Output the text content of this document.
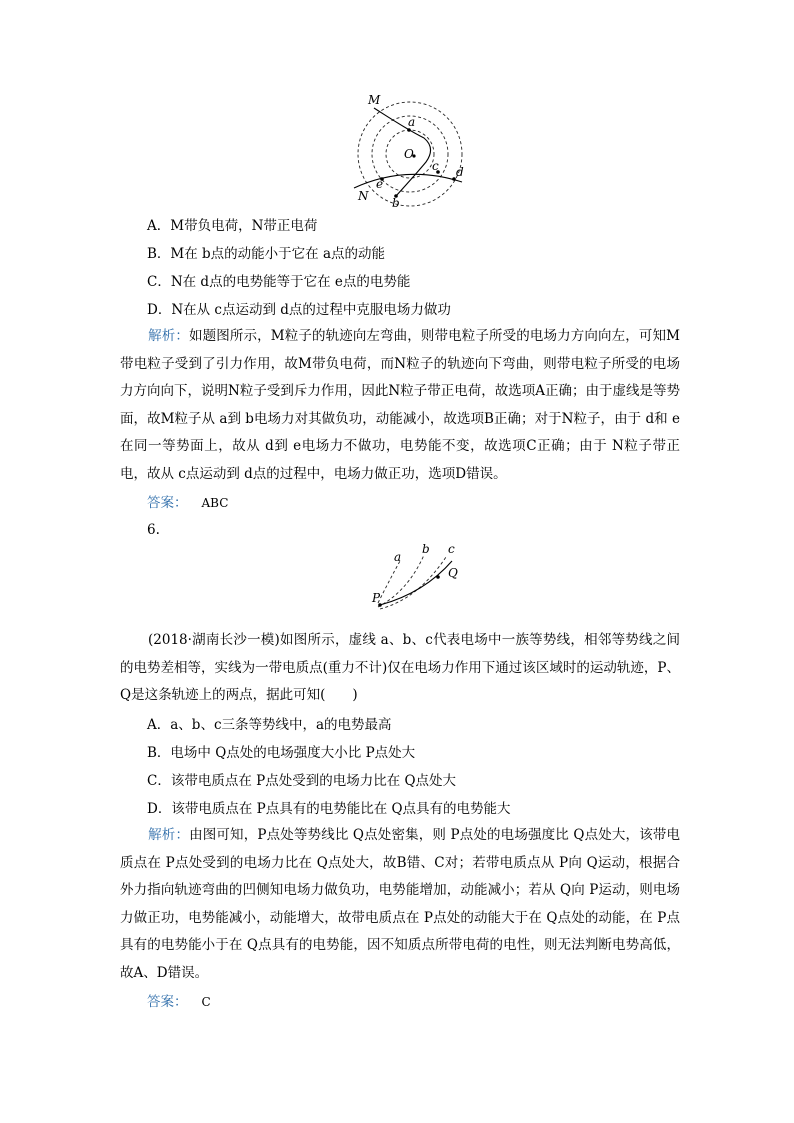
M
N
O
a
b
c d
e
A．M带负电荷，N带正电荷
B．M在 b点的动能小于它在 a点的动能
C．N在 d点的电势能等于它在 e点的电势能
D．N在从 c点运动到 d点的过程中克服电场力做功
解析：如题图所示，M粒子的轨迹向左弯曲，则带电粒子所受的电场力方向向左，可知M带电粒子受到了引力作用，故M带负电荷，而N粒子的轨迹向下弯曲，则带电粒子所受的电场力方向向下，说明N粒子受到斥力作用，因此N粒子带正电荷，故选项A正确；由于虚线是等势面，故M粒子从 a到 b电场力对其做负功，动能减小，故选项B正确；对于N粒子，由于 d和 e在同一等势面上，故从 d到 e电场力不做功，电势能不变，故选项C正确；由于 N粒子带正电，故从 c点运动到 d点的过程中，电场力做正功，选项D错误。
答案： ABC
6.
a
b c
P
Q
(2018·湖南长沙一模)如图所示，虚线 a、b、c代表电场中一族等势线，相邻等势线之间的电势差相等，实线为一带电质点(重力不计)仅在电场力作用下通过该区域时的运动轨迹，P、Q是这条轨迹上的两点，据此可知(　　)
A．a、b、c三条等势线中，a的电势最高
B．电场中 Q点处的电场强度大小比 P点处大
C．该带电质点在 P点处受到的电场力比在 Q点处大
D．该带电质点在 P点具有的电势能比在 Q点具有的电势能大
解析：由图可知，P点处等势线比 Q点处密集，则 P点处的电场强度比 Q点处大，该带电质点在 P点处受到的电场力比在 Q点处大，故B错、C对；若带电质点从 P向 Q运动，根据合外力指向轨迹弯曲的凹侧知电场力做负功，电势能增加，动能减小；若从 Q向 P运动，则电场力做正功，电势能减小，动能增大，故带电质点在 P点处的动能大于在 Q点处的动能，在 P点具有的电势能小于在 Q点具有的电势能，因不知质点所带电荷的电性，则无法判断电势高低，故A、D错误。
答案： C
